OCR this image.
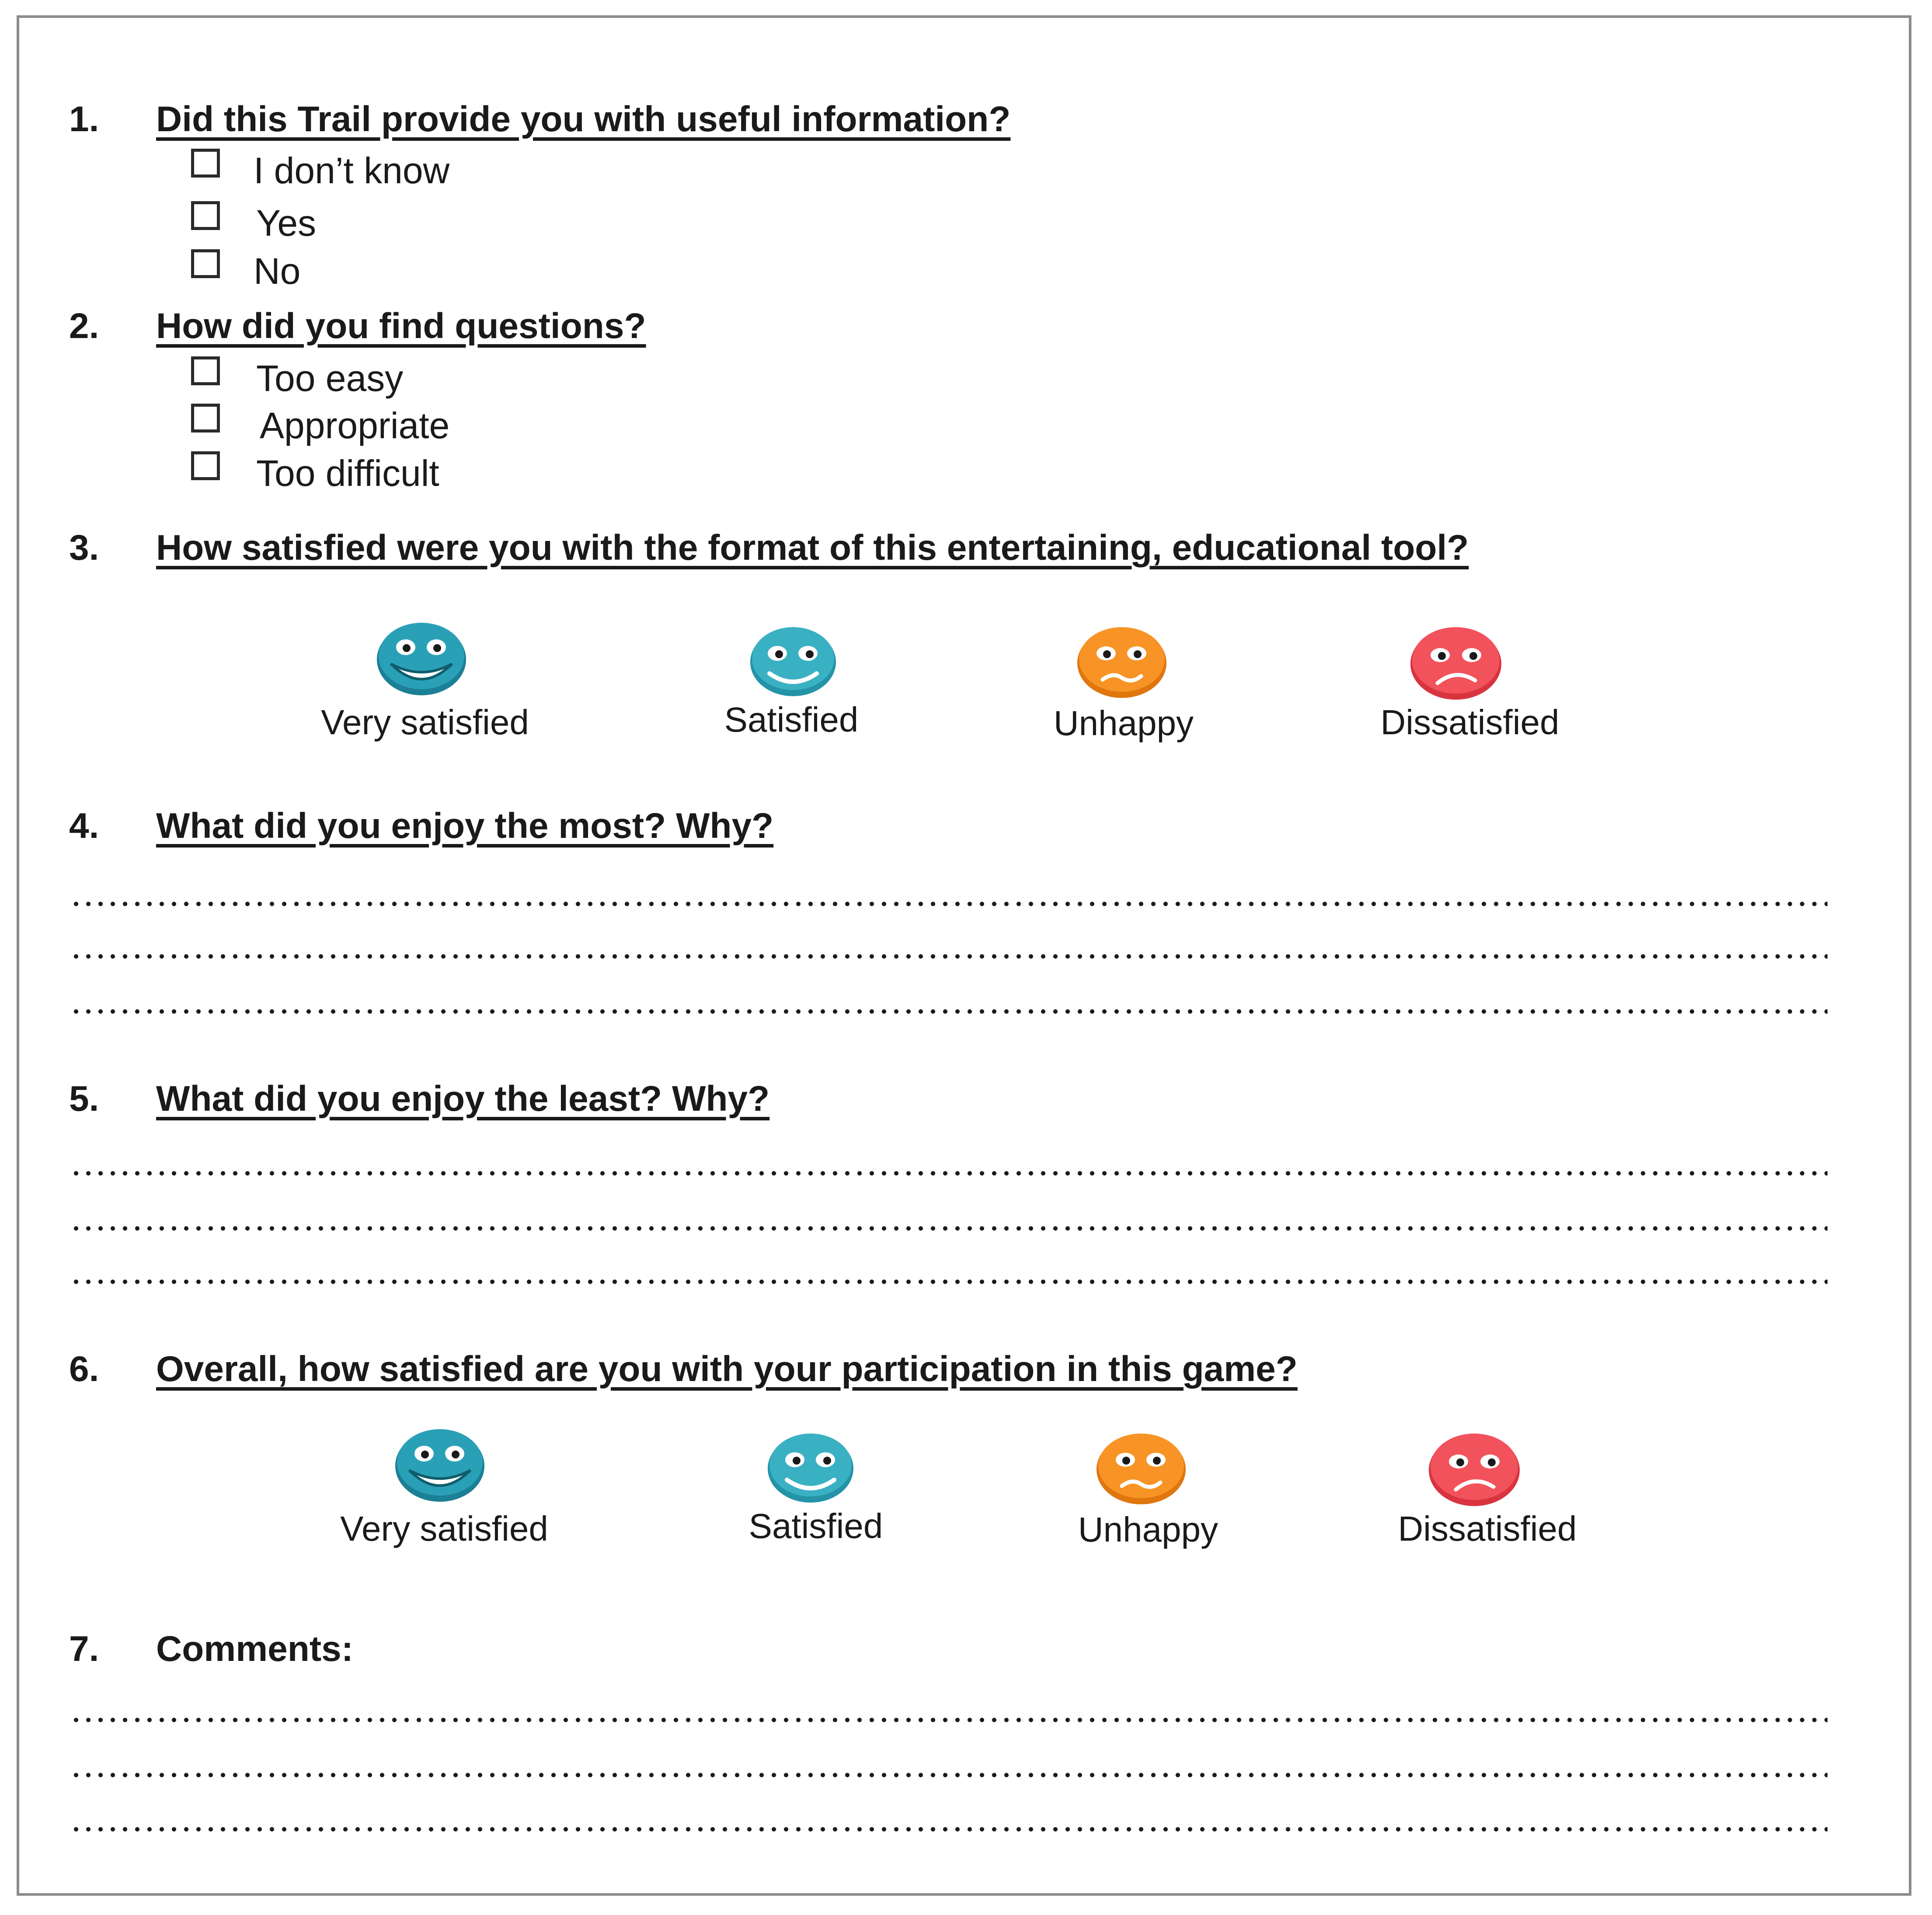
1. Did this Trail provide you with useful information?
I don’t know
Yes
No
2. How did you find questions?
Too easy
Appropriate
Too difficult
3. How satisfied were you with the format of this entertaining, educational tool?
Very satisfied	Satisfied	Unhappy	Dissatisfied
4. What did you enjoy the most? Why?
5. What did you enjoy the least? Why?
6. Overall, how satisfied are you with your participation in this game?
Very satisfied	Satisfied	Unhappy	Dissatisfied
7. Comments:
